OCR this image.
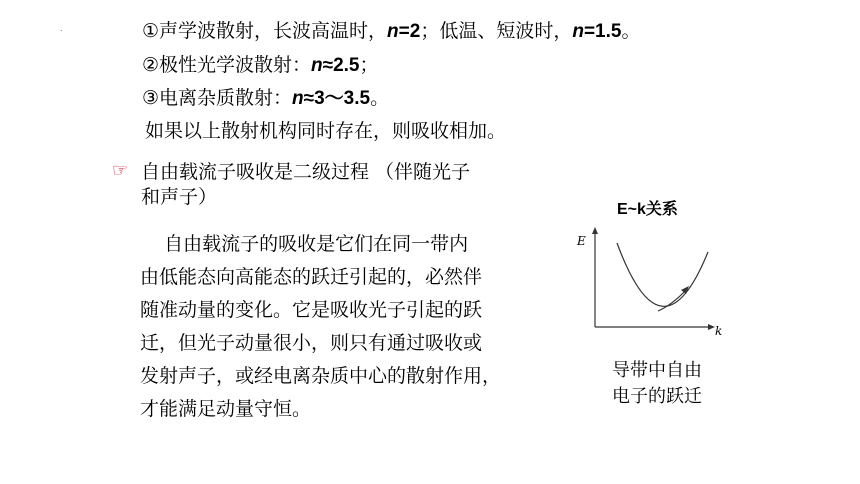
.	①声学波散射，长波高温时，n=2；低温、短波时，n=1.5。
②极性光学波散射：n≈2.5；
③电离杂质散射：n≈3～3.5。
如果以上散射机构同时存在，则吸收相加。
☞ 自由载流子吸收是二级过程 （伴随光子
和声子）
自由载流子的吸收是它们在同一带内
由低能态向高能态的跃迁引起的，必然伴
随准动量的变化。它是吸收光子引起的跃
迁，但光子动量很小，则只有通过吸收或
发射声子，或经电离杂质中心的散射作用，
才能满足动量守恒。
E~k关系
E
k
导带中自由
电子的跃迁
